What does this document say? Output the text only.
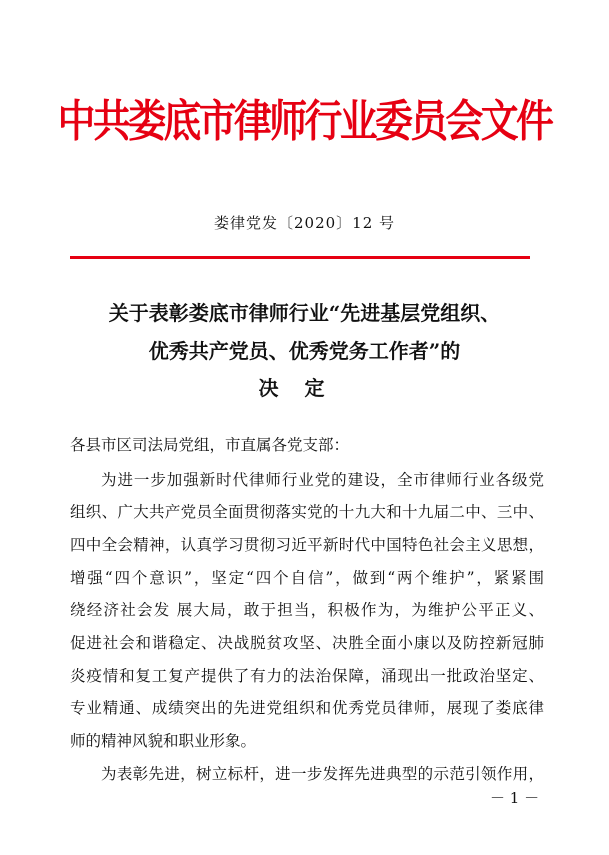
中共娄底市律师行业委员会文件
娄律党发〔2020〕12 号
关于表彰娄底市律师行业“先进基层党组织、
优秀共产党员、优秀党务工作者”的
决定
各县市区司法局党组，市直属各党支部：
为进一步加强新时代律师行业党的建设，全市律师行业各级党
组织、广大共产党员全面贯彻落实党的十九大和十九届二中、三中、
四中全会精神，认真学习贯彻习近平新时代中国特色社会主义思想，
增强“四个意识”，坚定“四个自信”，做到“两个维护”，紧紧围
绕经济社会发 展大局，敢于担当，积极作为，为维护公平正义、
促进社会和谐稳定、决战脱贫攻坚、决胜全面小康以及防控新冠肺
炎疫情和复工复产提供了有力的法治保障，涌现出一批政治坚定、
专业精通、成绩突出的先进党组织和优秀党员律师，展现了娄底律
师的精神风貌和职业形象。
为表彰先进，树立标杆，进一步发挥先进典型的示范引领作用，
－ 1 －
